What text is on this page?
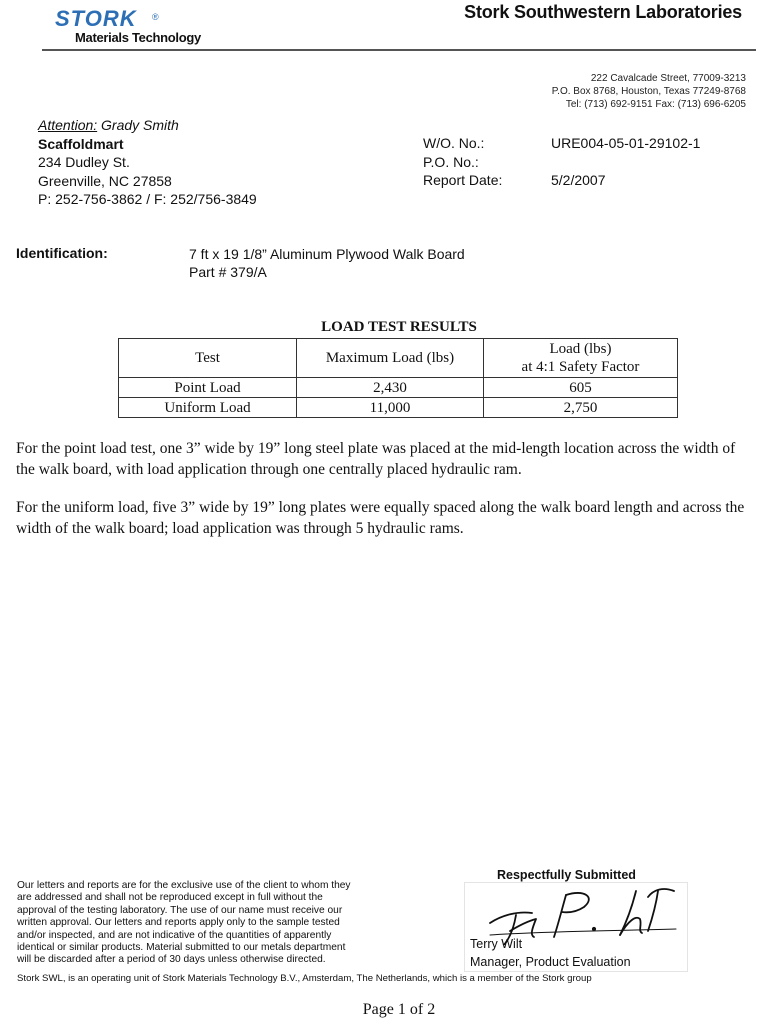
STORK ®
Materials Technology
Stork Southwestern Laboratories
222 Cavalcade Street, 77009-3213
P.O. Box 8768, Houston, Texas 77249-8768
Tel: (713) 692-9151 Fax: (713) 696-6205
Attention: Grady Smith
Scaffoldmart
234 Dudley St.
Greenville, NC 27858
P: 252-756-3862 / F: 252/756-3849
W/O. No.:	URE004-05-01-29102-1
P.O. No.:
Report Date:	5/2/2007
Identification:	7 ft x 19 1/8” Aluminum Plywood Walk Board
Part # 379/A
LOAD TEST RESULTS
Test	Maximum Load (lbs)	Load (lbs)
at 4:1 Safety Factor

Point Load	2,430	605
Uniform Load	11,000	2,750
For the point load test, one 3” wide by 19” long steel plate was placed at the mid-length location across the width of the walk board, with load application through one centrally placed hydraulic ram.
For the uniform load, five 3” wide by 19” long plates were equally spaced along the walk board length and across the width of the walk board; load application was through 5 hydraulic rams.
Our letters and reports are for the exclusive use of the client to whom they
are addressed and shall not be reproduced except in full without the
approval of the testing laboratory. The use of our name must receive our
written approval. Our letters and reports apply only to the sample tested
and/or inspected, and are not indicative of the quantities of apparently
identical or similar products. Material submitted to our metals department
will be discarded after a period of 30 days unless otherwise directed.
Stork SWL, is an operating unit of Stork Materials Technology B.V., Amsterdam, The Netherlands, which is a member of the Stork group
Respectfully Submitted
Terry Wilt
Manager, Product Evaluation
Page 1 of 2
